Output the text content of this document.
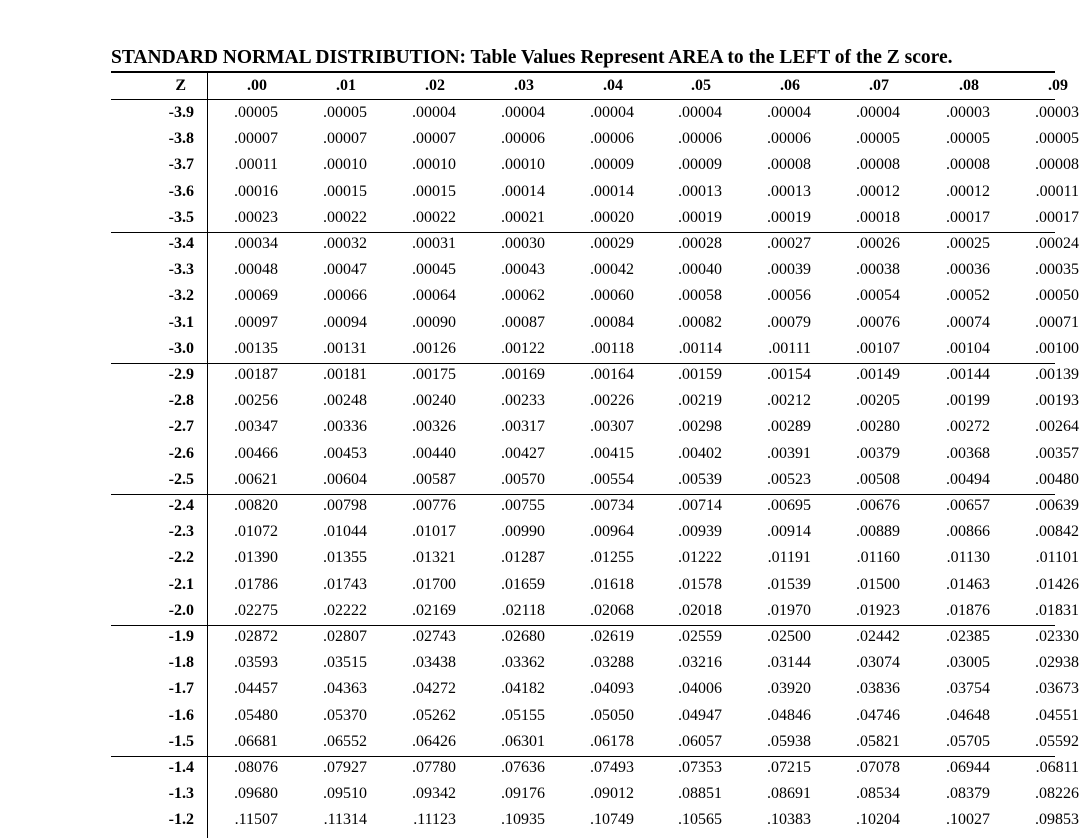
STANDARD NORMAL DISTRIBUTION: Table Values Represent AREA to the LEFT of the Z score.
Z	.00	.01	.02	.03	.04	.05	.06	.07	.08	.09
-3.9	.00005	.00005	.00004	.00004	.00004	.00004	.00004	.00004	.00003	.00003
-3.8	.00007	.00007	.00007	.00006	.00006	.00006	.00006	.00005	.00005	.00005
-3.7	.00011	.00010	.00010	.00010	.00009	.00009	.00008	.00008	.00008	.00008
-3.6	.00016	.00015	.00015	.00014	.00014	.00013	.00013	.00012	.00012	.00011
-3.5	.00023	.00022	.00022	.00021	.00020	.00019	.00019	.00018	.00017	.00017
-3.4	.00034	.00032	.00031	.00030	.00029	.00028	.00027	.00026	.00025	.00024
-3.3	.00048	.00047	.00045	.00043	.00042	.00040	.00039	.00038	.00036	.00035
-3.2	.00069	.00066	.00064	.00062	.00060	.00058	.00056	.00054	.00052	.00050
-3.1	.00097	.00094	.00090	.00087	.00084	.00082	.00079	.00076	.00074	.00071
-3.0	.00135	.00131	.00126	.00122	.00118	.00114	.00111	.00107	.00104	.00100
-2.9	.00187	.00181	.00175	.00169	.00164	.00159	.00154	.00149	.00144	.00139
-2.8	.00256	.00248	.00240	.00233	.00226	.00219	.00212	.00205	.00199	.00193
-2.7	.00347	.00336	.00326	.00317	.00307	.00298	.00289	.00280	.00272	.00264
-2.6	.00466	.00453	.00440	.00427	.00415	.00402	.00391	.00379	.00368	.00357
-2.5	.00621	.00604	.00587	.00570	.00554	.00539	.00523	.00508	.00494	.00480
-2.4	.00820	.00798	.00776	.00755	.00734	.00714	.00695	.00676	.00657	.00639
-2.3	.01072	.01044	.01017	.00990	.00964	.00939	.00914	.00889	.00866	.00842
-2.2	.01390	.01355	.01321	.01287	.01255	.01222	.01191	.01160	.01130	.01101
-2.1	.01786	.01743	.01700	.01659	.01618	.01578	.01539	.01500	.01463	.01426
-2.0	.02275	.02222	.02169	.02118	.02068	.02018	.01970	.01923	.01876	.01831
-1.9	.02872	.02807	.02743	.02680	.02619	.02559	.02500	.02442	.02385	.02330
-1.8	.03593	.03515	.03438	.03362	.03288	.03216	.03144	.03074	.03005	.02938
-1.7	.04457	.04363	.04272	.04182	.04093	.04006	.03920	.03836	.03754	.03673
-1.6	.05480	.05370	.05262	.05155	.05050	.04947	.04846	.04746	.04648	.04551
-1.5	.06681	.06552	.06426	.06301	.06178	.06057	.05938	.05821	.05705	.05592
-1.4	.08076	.07927	.07780	.07636	.07493	.07353	.07215	.07078	.06944	.06811
-1.3	.09680	.09510	.09342	.09176	.09012	.08851	.08691	.08534	.08379	.08226
-1.2	.11507	.11314	.11123	.10935	.10749	.10565	.10383	.10204	.10027	.09853
